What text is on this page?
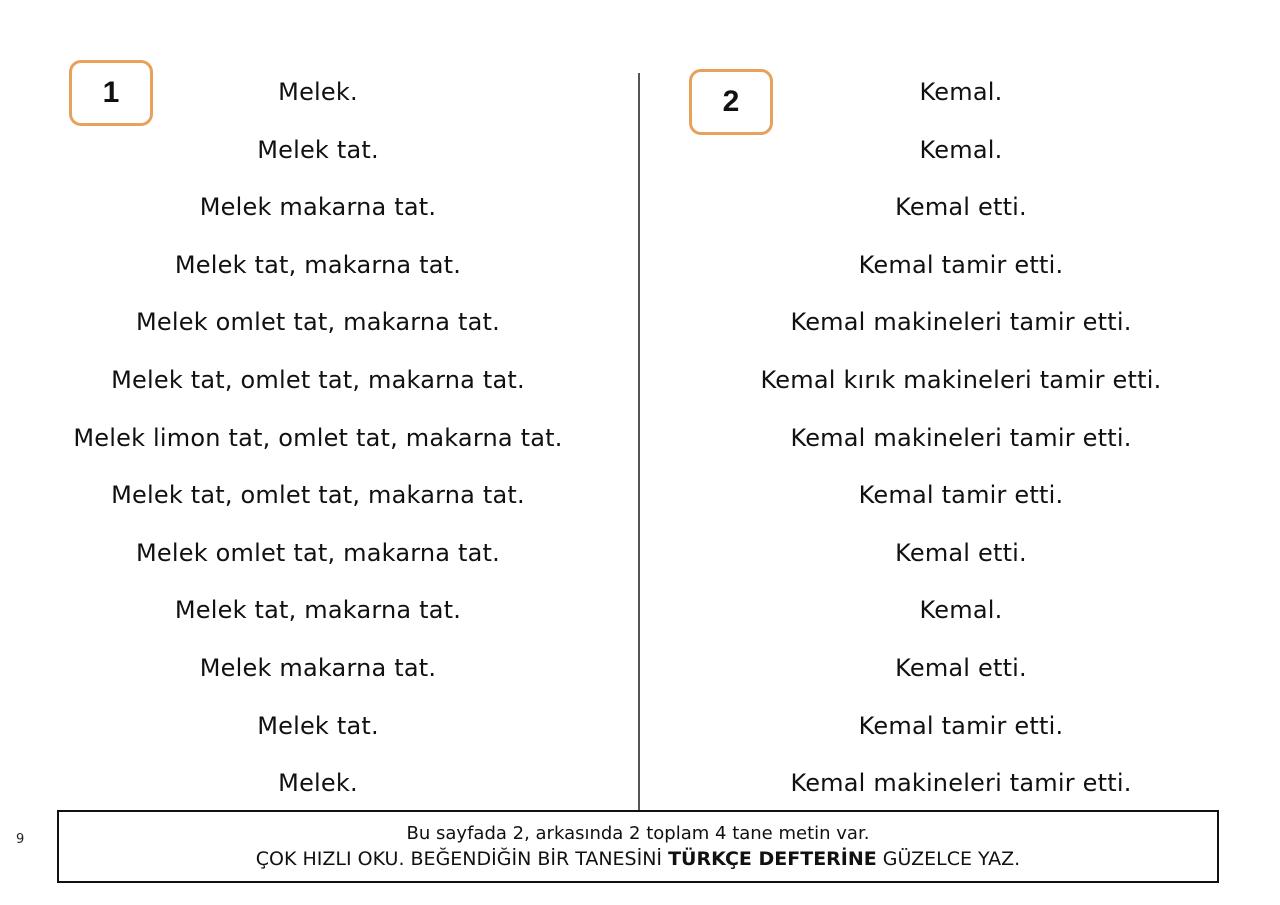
1	2
Melek.
Melek tat.
Melek makarna tat.
Melek tat, makarna tat.
Melek omlet tat, makarna tat.
Melek tat, omlet tat, makarna tat.
Melek limon tat, omlet tat, makarna tat.
Melek tat, omlet tat, makarna tat.
Melek omlet tat, makarna tat.
Melek tat, makarna tat.
Melek makarna tat.
Melek tat.
Melek.
Kemal.
Kemal.
Kemal etti.
Kemal tamir etti.
Kemal makineleri tamir etti.
Kemal kırık makineleri tamir etti.
Kemal makineleri tamir etti.
Kemal tamir etti.
Kemal etti.
Kemal.
Kemal etti.
Kemal tamir etti.
Kemal makineleri tamir etti.
9	Bu sayfada 2, arkasında 2 toplam 4 tane metin var.
ÇOK HIZLI OKU. BEĞENDİĞİN BİR TANESİNİ TÜRKÇE DEFTERİNE GÜZELCE YAZ.
